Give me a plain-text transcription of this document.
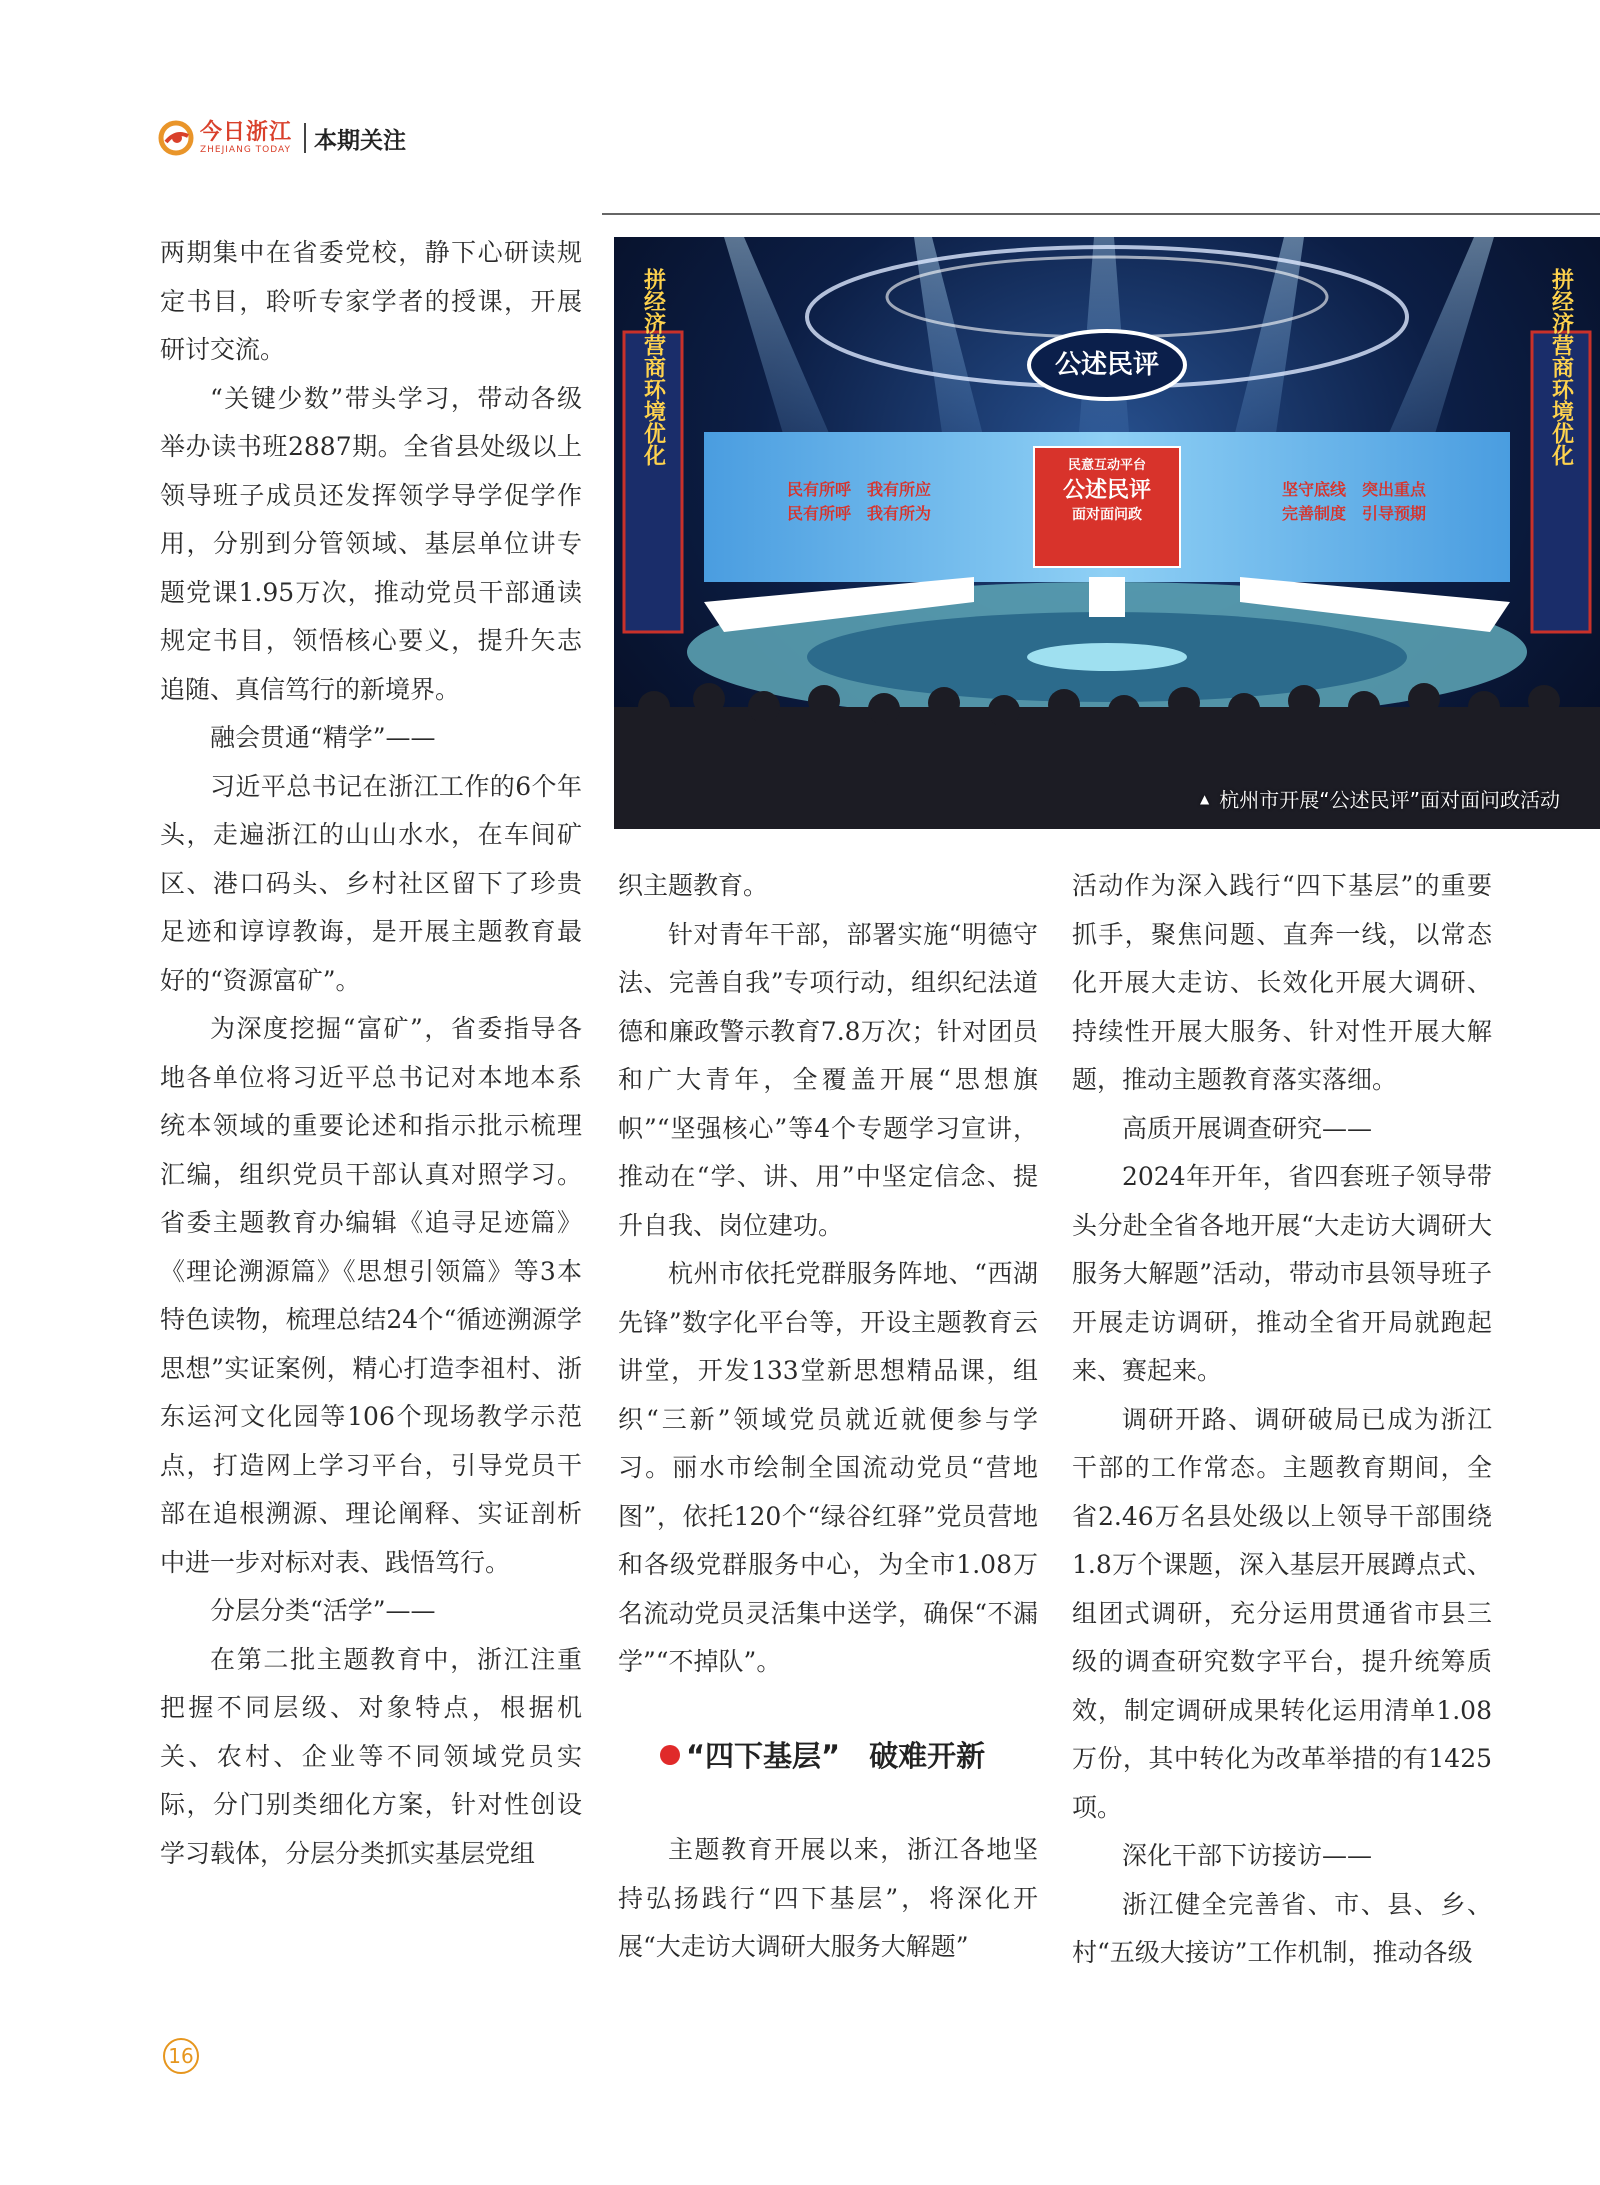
今日浙江
ZHEJIANG TODAY 本期关注

两期集中在省委党校，静下心研读规定书目，聆听专家学者的授课，开展研讨交流。

“关键少数”带头学习，带动各级举办读书班2887期。全省县处级以上领导班子成员还发挥领学导学促学作用，分别到分管领域、基层单位讲专题党课1.95万次，推动党员干部通读规定书目，领悟核心要义，提升矢志追随、真信笃行的新境界。

融会贯通“精学”——

习近平总书记在浙江工作的6个年头，走遍浙江的山山水水，在车间矿区、港口码头、乡村社区留下了珍贵足迹和谆谆教诲，是开展主题教育最好的“资源富矿”。

为深度挖掘“富矿”，省委指导各地各单位将习近平总书记对本地本系统本领域的重要论述和指示批示梳理汇编，组织党员干部认真对照学习。省委主题教育办编辑《追寻足迹篇》《理论溯源篇》《思想引领篇》等3本特色读物，梳理总结24个“循迹溯源学思想”实证案例，精心打造李祖村、浙东运河文化园等106个现场教学示范点，打造网上学习平台，引导党员干部在追根溯源、理论阐释、实证剖析中进一步对标对表、践悟笃行。

分层分类“活学”——

在第二批主题教育中，浙江注重把握不同层级、对象特点，根据机关、农村、企业等不同领域党员实际，分门别类细化方案，针对性创设学习载体，分层分类抓实基层党组

公述民评
拼经济营商环境优化	拼经济营商环境优化
民意互动平台
公述民评
面对面问政
民有所呼　我有所应
民有所呼　我有所为
坚守底线　突出重点
完善制度　引导预期
▲ 杭州市开展“公述民评”面对面问政活动

织主题教育。

针对青年干部，部署实施“明德守法、完善自我”专项行动，组织纪法道德和廉政警示教育7.8万次；针对团员和广大青年，全覆盖开展“思想旗帜”“坚强核心”等4个专题学习宣讲，推动在“学、讲、用”中坚定信念、提升自我、岗位建功。

杭州市依托党群服务阵地、“西湖先锋”数字化平台等，开设主题教育云讲堂，开发133堂新思想精品课，组织“三新”领域党员就近就便参与学习。丽水市绘制全国流动党员“营地图”，依托120个“绿谷红驿”党员营地和各级党群服务中心，为全市1.08万名流动党员灵活集中送学，确保“不漏学”“不掉队”。

“四下基层”　破难开新

主题教育开展以来，浙江各地坚持弘扬践行“四下基层”，将深化开展“大走访大调研大服务大解题”

活动作为深入践行“四下基层”的重要抓手，聚焦问题、直奔一线，以常态化开展大走访、长效化开展大调研、持续性开展大服务、针对性开展大解题，推动主题教育落实落细。

高质开展调查研究——

2024年开年，省四套班子领导带头分赴全省各地开展“大走访大调研大服务大解题”活动，带动市县领导班子开展走访调研，推动全省开局就跑起来、赛起来。

调研开路、调研破局已成为浙江干部的工作常态。主题教育期间，全省2.46万名县处级以上领导干部围绕1.8万个课题，深入基层开展蹲点式、组团式调研，充分运用贯通省市县三级的调查研究数字平台，提升统筹质效，制定调研成果转化运用清单1.08万份，其中转化为改革举措的有1425项。

深化干部下访接访——

浙江健全完善省、市、县、乡、村“五级大接访”工作机制，推动各级

16
